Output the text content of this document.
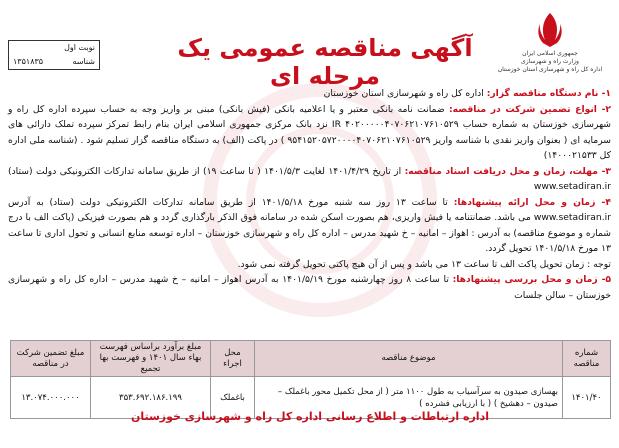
نوبت اول
شناسه
۱۳۵۱۸۳۵	آگهی مناقصه عمومی یک مرحله ای
جمهوری اسلامی ایران
وزارت راه و شهرسازی
اداره کل راه و شهرسازی استان خوزستان

۱- نام دستگاه مناقصه گزار: اداره کل راه و شهرسازی استان خوزستان

۲- انواع تضمین شرکت در مناقصه: ضمانت نامه بانکی معتبر و یا اعلامیه بانکی (فیش بانکی) مبنی بر واریز وجه به حساب سپرده اداره کل راه و شهرسازی خوزستان به شماره حساب ۴۰۲۰۰۰۰۰۴۰۷۰۶۲۱۰۷۶۱۰۵۲۹ IR نزد بانک مرکزی جمهوری اسلامی ایران بنام رابط تمرکز سپرده تملک دارائی های سرمایه ای ( بعنوان واریز نقدی با شناسه واریز ۹۵۴۱۵۲۰۵۷۲۰۰۰۰۴۰۷۰۶۲۱۰۷۶۱۰۵۲۹ ) در پاکت (الف) به دستگاه مناقصه گزار تسلیم شود . (شناسه ملی اداره کل ۱۴۰۰۰۲۱۵۳۳)

۳- مهلت، زمان و محل دریافت اسناد مناقصه: از تاریخ ۱۴۰۱/۴/۲۹ لغایت ۱۴۰۱/۵/۳ ( تا ساعت ۱۹) از طریق سامانه تدارکات الکترونیکی دولت (ستاد) www.setadiran.ir

۴- زمان و محل ارائه پیشنهادها: تا ساعت ۱۳ روز سه شنبه مورخ ۱۴۰۱/۵/۱۸ از طریق سامانه تدارکات الکترونیکی دولت (ستاد) به آدرس www.setadiran.ir می باشد. ضمانتنامه یا فیش واریزی، هم بصورت اسکن شده در سامانه فوق الذکر بارگذاری گردد و هم بصورت فیزیکی (پاکت الف با درج شماره و موضوع مناقصه) به آدرس : اهواز – امانیه – خ شهید مدرس – اداره کل راه و شهرسازی خوزستان – اداره توسعه منابع انسانی و تحول اداری تا ساعت ۱۳ مورخ ۱۴۰۱/۵/۱۸ تحویل گردد.

توجه : زمان تحویل پاکت الف تا ساعت ۱۳ می باشد و پس از آن هیچ پاکتی تحویل گرفته نمی شود.

۵- زمان و محل بررسی پیشنهادها: تا ساعت ۸ روز چهارشنبه مورخ ۱۴۰۱/۵/۱۹ به آدرس اهواز – امانیه – خ شهید مدرس – اداره کل راه و شهرسازی خوزستان – سالن جلسات

شماره مناقصه	موضوع مناقصه	محل اجراء	مبلغ برآورد براساس فهرست بهاء سال ۱۴۰۱ و فهرست بها تجمیع	مبلغ تضمین شرکت در مناقصه
۱۴۰۱/۴۰	بهسازی صیدون به سرآسیاب به طول ۱۱۰۰ متر ( از محل تکمیل محور باغملک – صیدون – دهشیخ ) ( با ارزیابی فشرده )	باغملک	۳۵۳.۶۹۲.۱۸۶.۱۹۹	۱۳.۰۷۴.۰۰۰.۰۰۰
اداره ارتباطات و اطلاع رسانی اداره کل راه و شهرسازی خوزستان
